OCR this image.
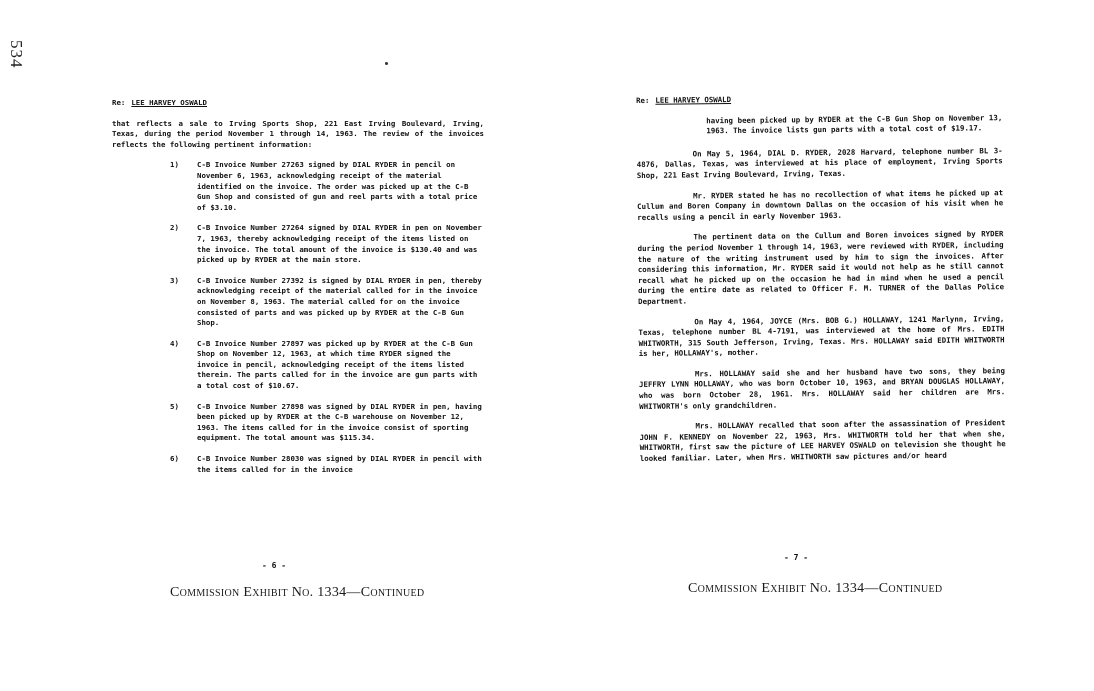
534
Re: LEE HARVEY OSWALD

that reflects a sale to Irving Sports Shop, 221 East Irving Boulevard, Irving, Texas, during the period November 1 through 14, 1963. The review of the invoices reflects the following pertinent information:

1)	C-B Invoice Number 27263 signed by DIAL RYDER in pencil on November 6, 1963, acknowledging receipt of the material identified on the invoice. The order was picked up at the C-B Gun Shop and consisted of gun and reel parts with a total price of $3.10.
2)	C-B Invoice Number 27264 signed by DIAL RYDER in pen on November 7, 1963, thereby acknowledging receipt of the items listed on the invoice. The total amount of the invoice is $130.40 and was picked up by RYDER at the main store.
3)	C-B Invoice Number 27392 is signed by DIAL RYDER in pen, thereby acknowledging receipt of the material called for in the invoice on November 8, 1963. The material called for on the invoice consisted of parts and was picked up by RYDER at the C-B Gun Shop.
4)	C-B Invoice Number 27897 was picked up by RYDER at the C-B Gun Shop on November 12, 1963, at which time RYDER signed the invoice in pencil, acknowledging receipt of the items listed therein. The parts called for in the invoice are gun parts with a total cost of $10.67.
5)	C-B Invoice Number 27898 was signed by DIAL RYDER in pen, having been picked up by RYDER at the C-B warehouse on November 12, 1963. The items called for in the invoice consist of sporting equipment. The total amount was $115.34.
6)	C-B Invoice Number 28030 was signed by DIAL RYDER in pencil with the items called for in the invoice
- 6 -
Commission Exhibit No. 1334—Continued
Re: LEE HARVEY OSWALD

having been picked up by RYDER at the C-B Gun Shop on November 13, 1963. The invoice lists gun parts with a total cost of $19.17.

On May 5, 1964, DIAL D. RYDER, 2028 Harvard, telephone number BL 3-4876, Dallas, Texas, was interviewed at his place of employment, Irving Sports Shop, 221 East Irving Boulevard, Irving, Texas.

Mr. RYDER stated he has no recollection of what items he picked up at Cullum and Boren Company in downtown Dallas on the occasion of his visit when he recalls using a pencil in early November 1963.

The pertinent data on the Cullum and Boren invoices signed by RYDER during the period November 1 through 14, 1963, were reviewed with RYDER, including the nature of the writing instrument used by him to sign the invoices. After considering this information, Mr. RYDER said it would not help as he still cannot recall what he picked up on the occasion he had in mind when he used a pencil during the entire date as related to Officer F. M. TURNER of the Dallas Police Department.

On May 4, 1964, JOYCE (Mrs. BOB G.) HOLLAWAY, 1241 Marlynn, Irving, Texas, telephone number BL 4-7191, was interviewed at the home of Mrs. EDITH WHITWORTH, 315 South Jefferson, Irving, Texas. Mrs. HOLLAWAY said EDITH WHITWORTH is her, HOLLAWAY's, mother.

Mrs. HOLLAWAY said she and her husband have two sons, they being JEFFRY LYNN HOLLAWAY, who was born October 10, 1963, and BRYAN DOUGLAS HOLLAWAY, who was born October 28, 1961. Mrs. HOLLAWAY said her children are Mrs. WHITWORTH's only grandchildren.

Mrs. HOLLAWAY recalled that soon after the assassination of President JOHN F. KENNEDY on November 22, 1963, Mrs. WHITWORTH told her that when she, WHITWORTH, first saw the picture of LEE HARVEY OSWALD on television she thought he looked familiar. Later, when Mrs. WHITWORTH saw pictures and/or heard

- 7 -
Commission Exhibit No. 1334—Continued
